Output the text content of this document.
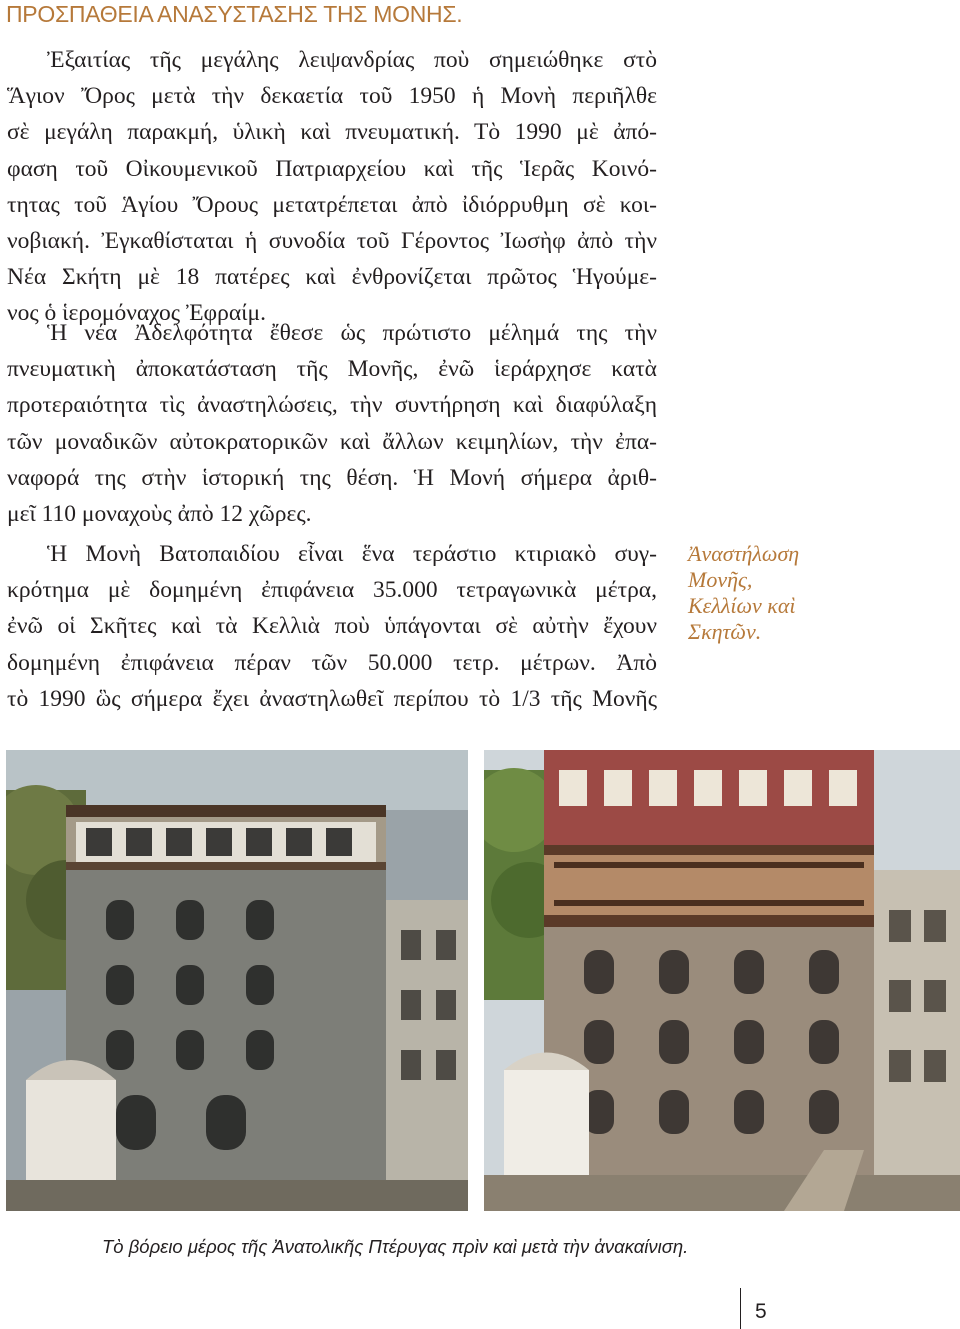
ΠΡΟΣΠΑΘΕΙΑ ΑΝΑΣΥΣΤΑΣΗΣ ΤΗΣ ΜΟΝΗΣ.
Ἐξαιτίας τῆς μεγάλης λειψανδρίας ποὺ σημειώθηκε στὸ
Ἅγιον Ὄρος μετὰ τὴν δεκαετία τοῦ 1950 ἡ Μονὴ περιῆλθε
σὲ μεγάλη παρακμή, ὑλικὴ καὶ πνευματική. Τὸ 1990 μὲ ἀπό-
φαση τοῦ Οἰκουμενικοῦ Πατριαρχείου καὶ τῆς Ἱερᾶς Κοινό-
τητας τοῦ Ἁγίου Ὄρους μετατρέπεται ἀπὸ ἰδιόρρυθμη σὲ κοι-
νοβιακή. Ἐγκαθίσταται ἡ συνοδία τοῦ Γέροντος Ἰωσὴφ ἀπὸ τὴν
Νέα Σκήτη μὲ 18 πατέρες καὶ ἐνθρονίζεται πρῶτος Ἡγούμε-
νος ὁ ἱερομόναχος Ἐφραίμ.
Ἡ νέα Ἀδελφότητα ἔθεσε ὡς πρώτιστο μέλημά της τὴν
πνευματικὴ ἀποκατάσταση τῆς Μονῆς, ἐνῶ ἱεράρχησε κατὰ
προτεραιότητα τὶς ἀναστηλώσεις, τὴν συντήρηση καὶ διαφύλαξη
τῶν μοναδικῶν αὐτοκρατορικῶν καὶ ἄλλων κειμηλίων, τὴν ἐπα-
ναφορά της στὴν ἱστορική της θέση. Ἡ Μονή σήμερα ἀριθ-
μεῖ 110 μοναχοὺς ἀπὸ 12 χῶρες.
Ἡ Μονὴ Βατοπαιδίου εἶναι ἕνα τεράστιο κτιριακὸ συγ-
κρότημα μὲ δομημένη ἐπιφάνεια 35.000 τετραγωνικὰ μέτρα,
ἐνῶ οἱ Σκῆτες καὶ τὰ Κελλιὰ ποὺ ὑπάγονται σὲ αὐτὴν ἔχουν
δομημένη ἐπιφάνεια πέραν τῶν 50.000 τετρ. μέτρων. Ἀπὸ
τὸ 1990 ὣς σήμερα ἔχει ἀναστηλωθεῖ περίπου τὸ 1/3 τῆς Μονῆς
Ἀναστήλωση
Μονῆς,
Κελλίων καὶ
Σκητῶν.
Τὸ βόρειο μέρος τῆς Ἀνατολικῆς Πτέρυγας πρὶν καὶ μετὰ τὴν ἀνακαίνιση.
5
